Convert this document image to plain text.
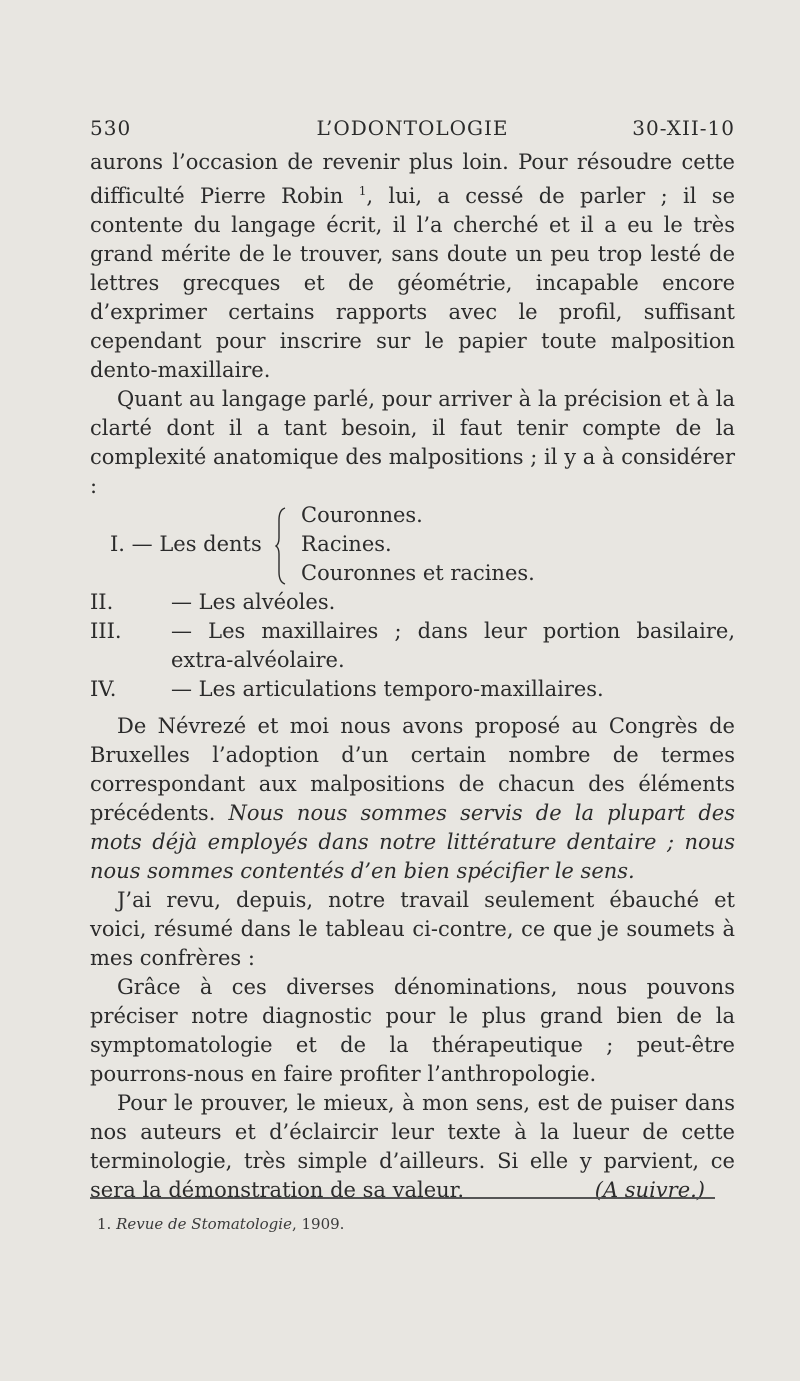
530	L’ODONTOLOGIE	30-XII-10

aurons l’occasion de revenir plus loin. Pour résoudre cette difficulté Pierre Robin $^1$, lui, a cessé de parler ; il se contente du langage écrit, il l’a cherché et il a eu le très grand mérite de le trouver, sans doute un peu trop lesté de lettres grecques et de géométrie, incapable encore d’exprimer certains rapports avec le profil, suffisant cependant pour inscrire sur le papier toute malposition dento-maxillaire.

Quant au langage parlé, pour arriver à la précision et à la clarté dont il a tant besoin, il faut tenir compte de la complexité anatomique des malpositions ; il y a à considérer :

I. — Les dents
Couronnes.
Racines.
Couronnes et racines.
II.	— Les alvéoles.
III.	— Les maxillaires ; dans leur portion basilaire, extra-alvéolaire.
IV.	— Les articulations temporo-maxillaires.

De Névrezé et moi nous avons proposé au Congrès de Bruxelles l’adoption d’un certain nombre de termes correspondant aux malpositions de chacun des éléments précédents. Nous nous sommes servis de la plupart des mots déjà employés dans notre littérature dentaire ; nous nous sommes contentés d’en bien spécifier le sens.

J’ai revu, depuis, notre travail seulement ébauché et voici, résumé dans le tableau ci-contre, ce que je soumets à mes confrères :

Grâce à ces diverses dénominations, nous pouvons préciser notre diagnostic pour le plus grand bien de la symptomatologie et de la thérapeutique ; peut-être pourrons-nous en faire profiter l’anthropologie.

Pour le prouver, le mieux, à mon sens, est de puiser dans nos auteurs et d’éclaircir leur texte à la lueur de cette terminologie, très simple d’ailleurs. Si elle y parvient, ce sera la démonstration de sa valeur.	(A suivre.)

1. Revue de Stomatologie, 1909.
